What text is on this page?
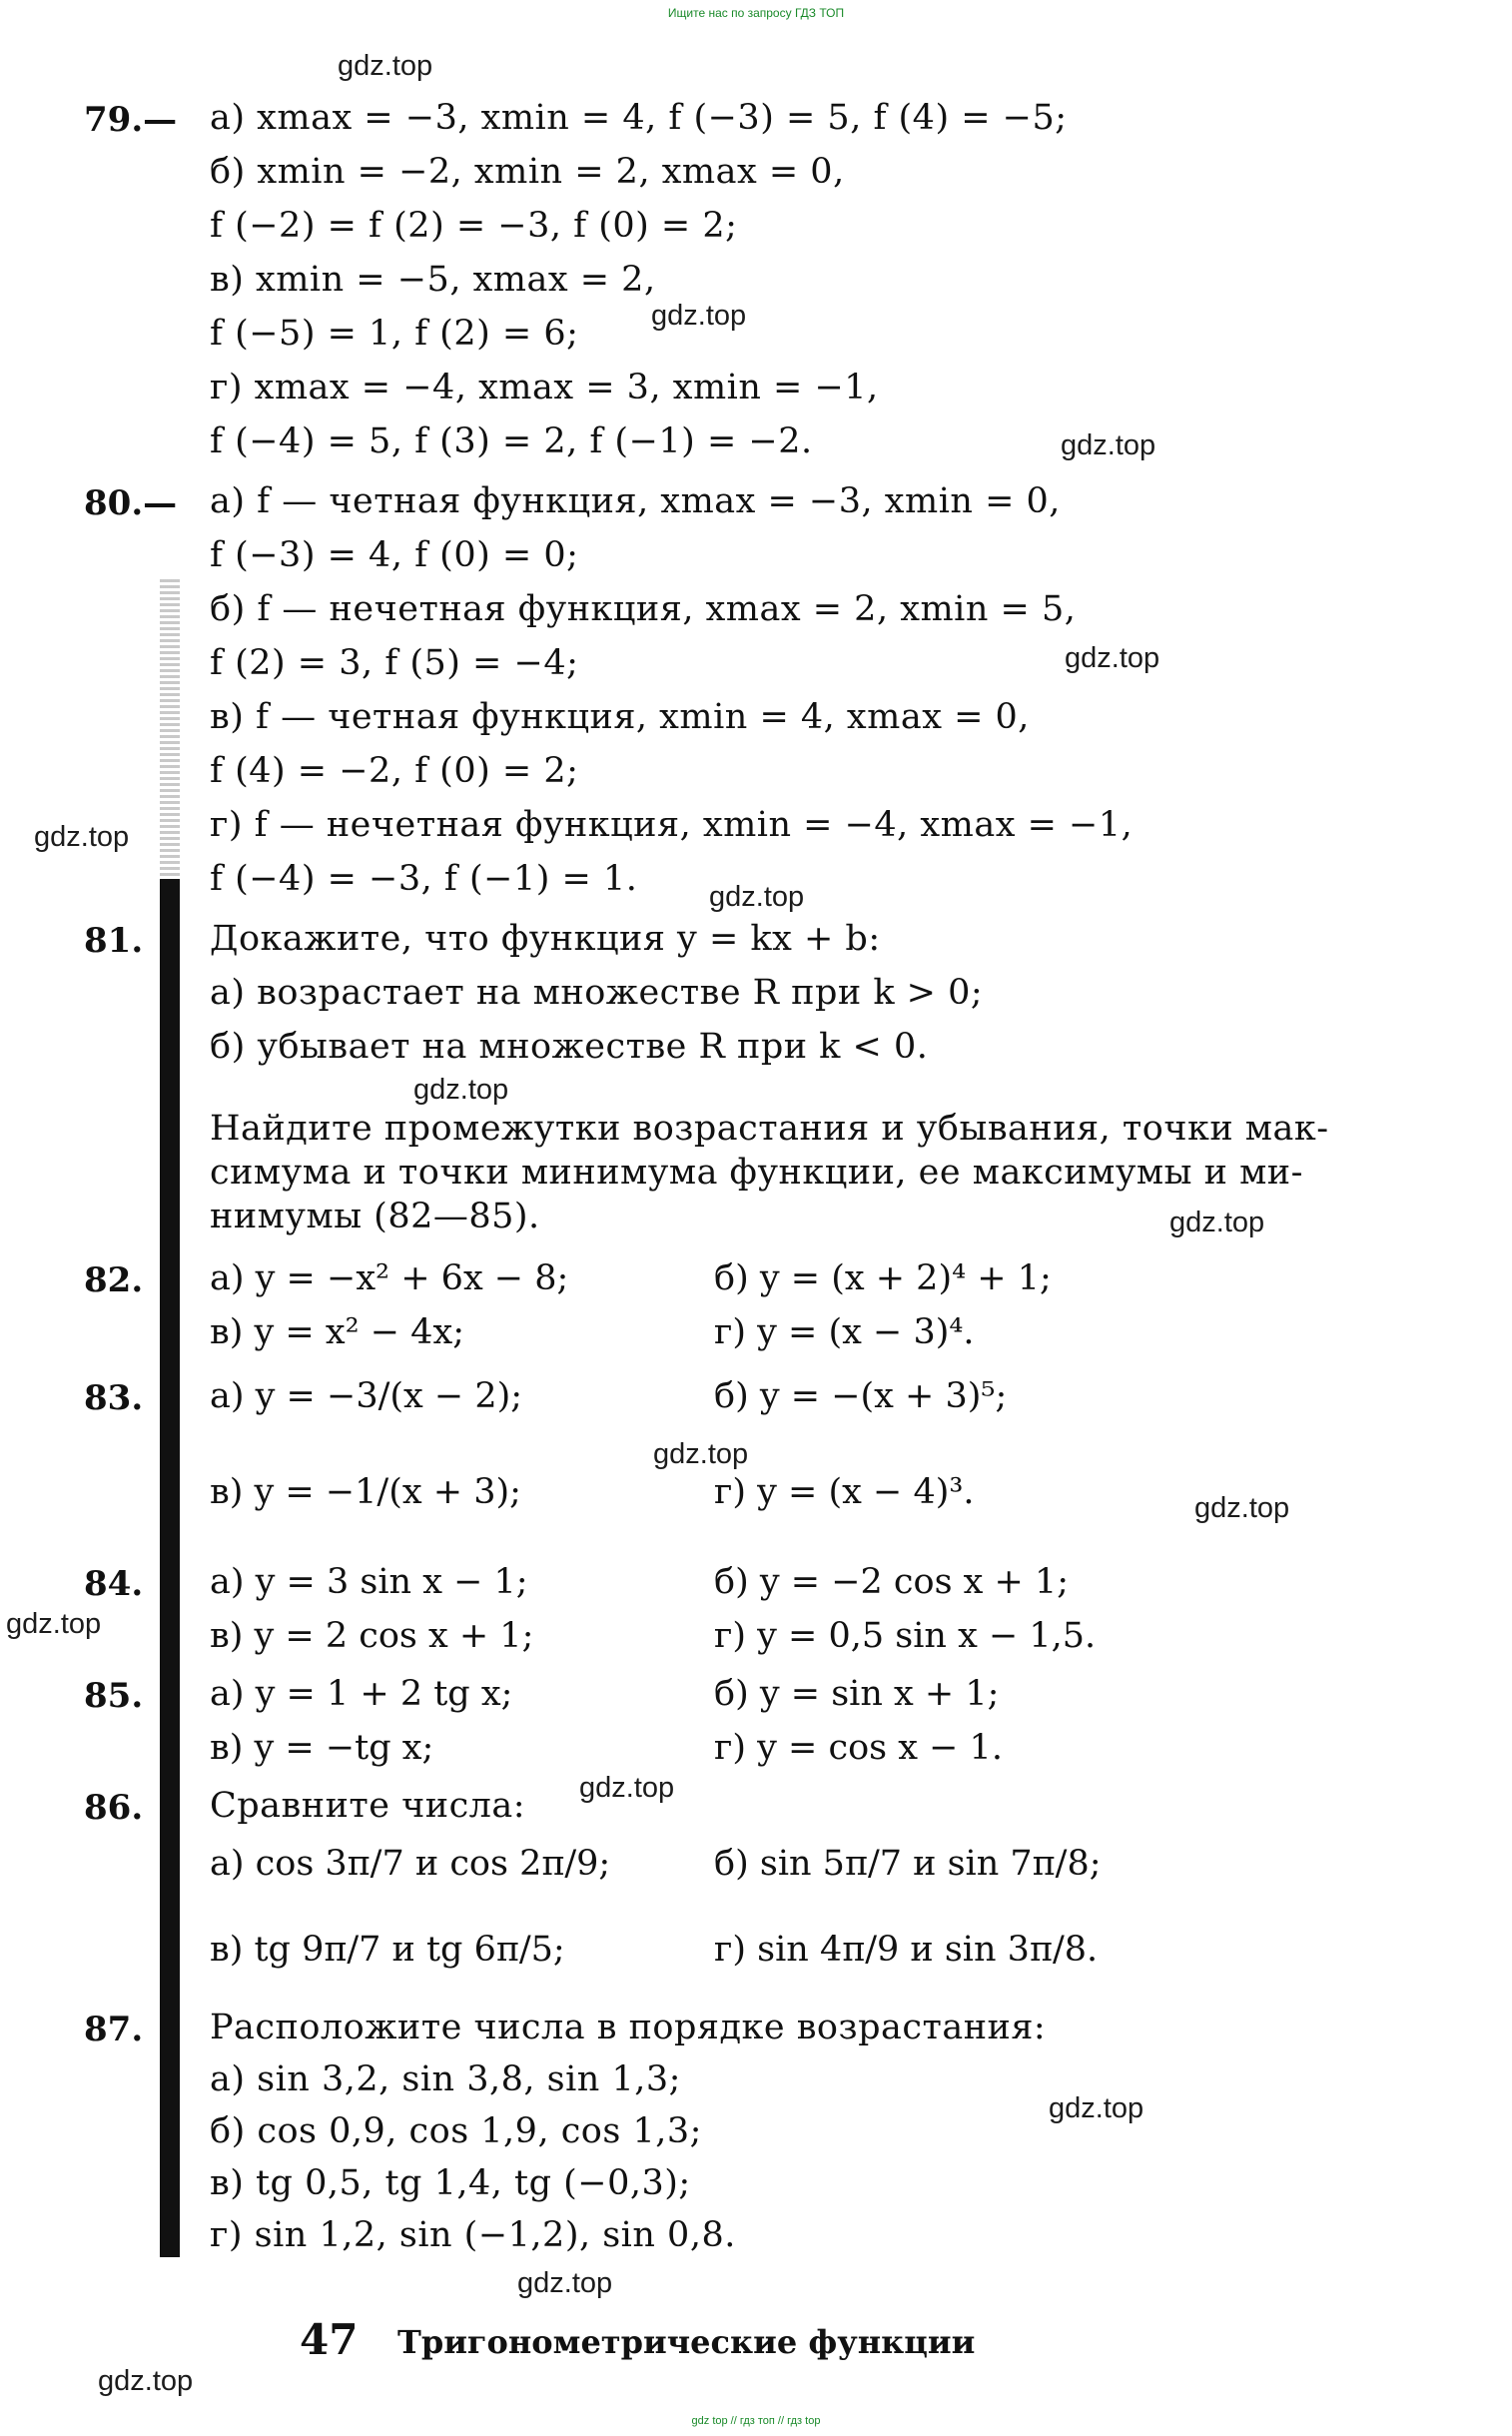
Ищите нас по запросу ГДЗ ТОП
gdz.top
gdz.top
gdz.top
gdz.top
gdz.top
gdz.top
gdz.top
gdz.top
gdz.top
gdz.top
gdz.top
gdz.top
gdz.top
gdz.top
gdz.top
79.— а) xmax = −3, xmin = 4, f (−3) = 5, f (4) = −5;
б) xmin = −2, xmin = 2, xmax = 0,
f (−2) = f (2) = −3, f (0) = 2;
в) xmin = −5, xmax = 2,
f (−5) = 1, f (2) = 6;
г) xmax = −4, xmax = 3, xmin = −1,
f (−4) = 5, f (3) = 2, f (−1) = −2.
80.— а) f — четная функция, xmax = −3, xmin = 0,
f (−3) = 4, f (0) = 0;
б) f — нечетная функция, xmax = 2, xmin = 5,
f (2) = 3, f (5) = −4;
в) f — четная функция, xmin = 4, xmax = 0,
f (4) = −2, f (0) = 2;
г) f — нечетная функция, xmin = −4, xmax = −1,
f (−4) = −3, f (−1) = 1.
81. Докажите, что функция y = kx + b:
а) возрастает на множестве R при k > 0;
б) убывает на множестве R при k < 0.
Найдите промежутки возрастания и убывания, точки мак-
симума и точки минимума функции, ее максимумы и ми-
нимумы (82—85).
82. а) y = −x² + 6x − 8;	б) y = (x + 2)⁴ + 1;
в) y = x² − 4x;	г) y = (x − 3)⁴.
83. а) y = −3/(x − 2);	б) y = −(x + 3)⁵;
в) y = −1/(x + 3);	г) y = (x − 4)³.
84. а) y = 3 sin x − 1;	б) y = −2 cos x + 1;
в) y = 2 cos x + 1;	г) y = 0,5 sin x − 1,5.
85. а) y = 1 + 2 tg x;	б) y = sin x + 1;
в) y = −tg x;	г) y = cos x − 1.
86. Сравните числа:
а) cos 3π/7 и cos 2π/9;	б) sin 5π/7 и sin 7π/8;
в) tg 9π/7 и tg 6π/5;	г) sin 4π/9 и sin 3π/8.
87. Расположите числа в порядке возрастания:
а) sin 3,2, sin 3,8, sin 1,3;
б) cos 0,9, cos 1,9, cos 1,3;
в) tg 0,5, tg 1,4, tg (−0,3);
г) sin 1,2, sin (−1,2), sin 0,8.
47 Тригонометрические функции
gdz top // гдз топ // гдз top
